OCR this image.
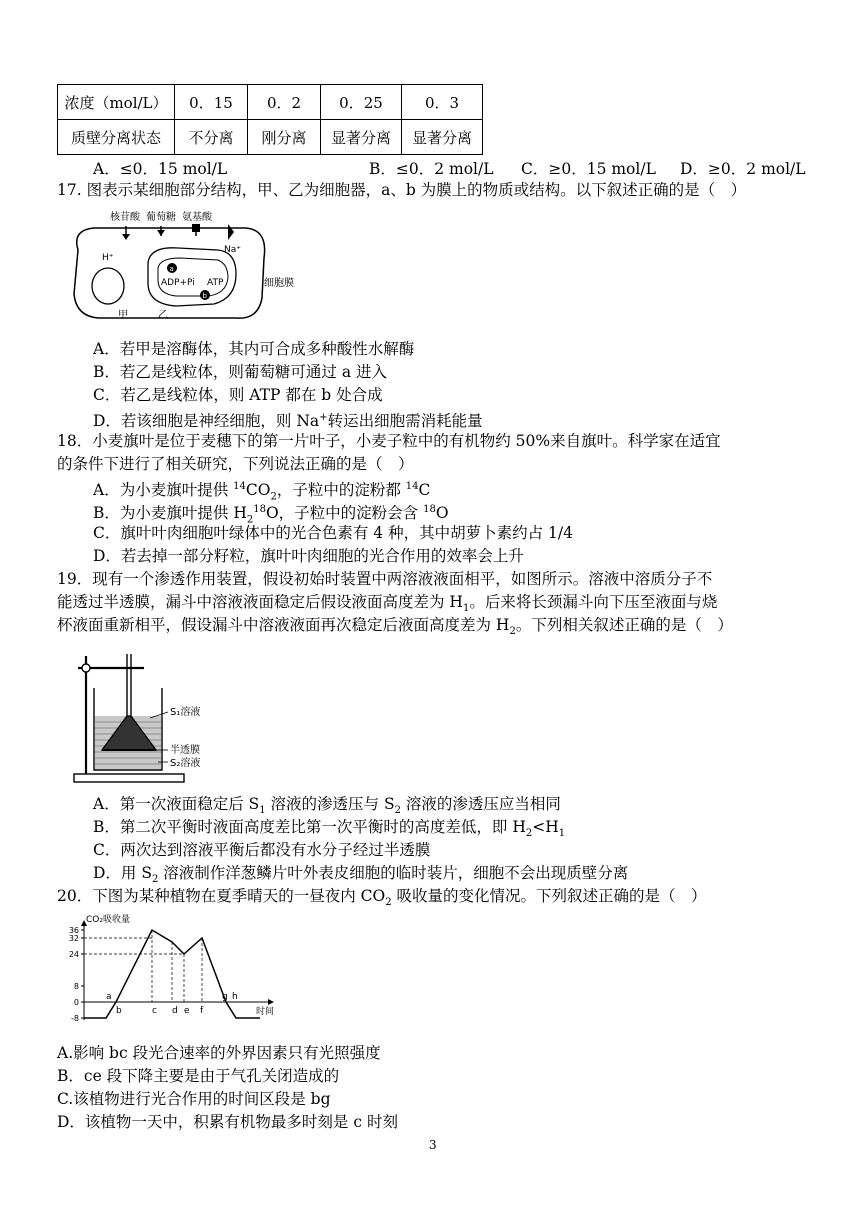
浓度（mol/L）	0．15	0．2	0．25	0．3
质壁分离状态	不分离	刚分离	显著分离	显著分离
A．≤0．15 mol/L	B．≤0．2 mol/L C．≥0．15 mol/L D．≥0．2 mol/L
17. 图表示某细胞部分结构，甲、乙为细胞器，a、b 为膜上的物质或结构。以下叙述正确的是（　）
a
b
核苷酸 葡萄糖 氨基酸
Na⁺
H⁺
ADP+Pi ATP
甲	乙
细胞膜
A．若甲是溶酶体，其内可合成多种酸性水解酶
B．若乙是线粒体，则葡萄糖可通过 a 进入
C．若乙是线粒体，则 ATP 都在 b 处合成
D．若该细胞是神经细胞，则 Na+转运出细胞需消耗能量
18．小麦旗叶是位于麦穗下的第一片叶子，小麦子粒中的有机物约 50%来自旗叶。科学家在适宜
的条件下进行了相关研究，下列说法正确的是（　）
A．为小麦旗叶提供 $^{14}CO_2$，子粒中的淀粉都 $^{14}$C
B．为小麦旗叶提供 $H_2^{18}O$，子粒中的淀粉会含 $^{18}$O
C．旗叶叶肉细胞叶绿体中的光合色素有 4 种，其中胡萝卜素约占 1/4
D．若去掉一部分籽粒，旗叶叶肉细胞的光合作用的效率会上升
19．现有一个渗透作用装置，假设初始时装置中两溶液液面相平，如图所示。溶液中溶质分子不
能透过半透膜，漏斗中溶液液面稳定后假设液面高度差为 $H_1$。后来将长颈漏斗向下压至液面与烧
杯液面重新相平，假设漏斗中溶液液面再次稳定后液面高度差为 $H_2$。下列相关叙述正确的是（　）
S₁溶液
半透膜
S₂溶液
A．第一次液面稳定后 $S_1$ 溶液的渗透压与 $S_2$ 溶液的渗透压应当相同
B．第二次平衡时液面高度差比第一次平衡时的高度差低，即 $H_2<H_1$
C．两次达到溶液平衡后都没有水分子经过半透膜
D．用 $S_2$ 溶液制作洋葱鳞片叶外表皮细胞的临时装片，细胞不会出现质壁分离
20．下图为某种植物在夏季晴天的一昼夜内 $CO_2$ 吸收量的变化情况。下列叙述正确的是（　）
CO₂吸收量
时间
36
32
24
8
0
-8
a
b	c d e f
g h
A.影响 bc 段光合速率的外界因素只有光照强度
B．ce 段下降主要是由于气孔关闭造成的
C.该植物进行光合作用的时间区段是 bg
D．该植物一天中，积累有机物最多时刻是 c 时刻
3
